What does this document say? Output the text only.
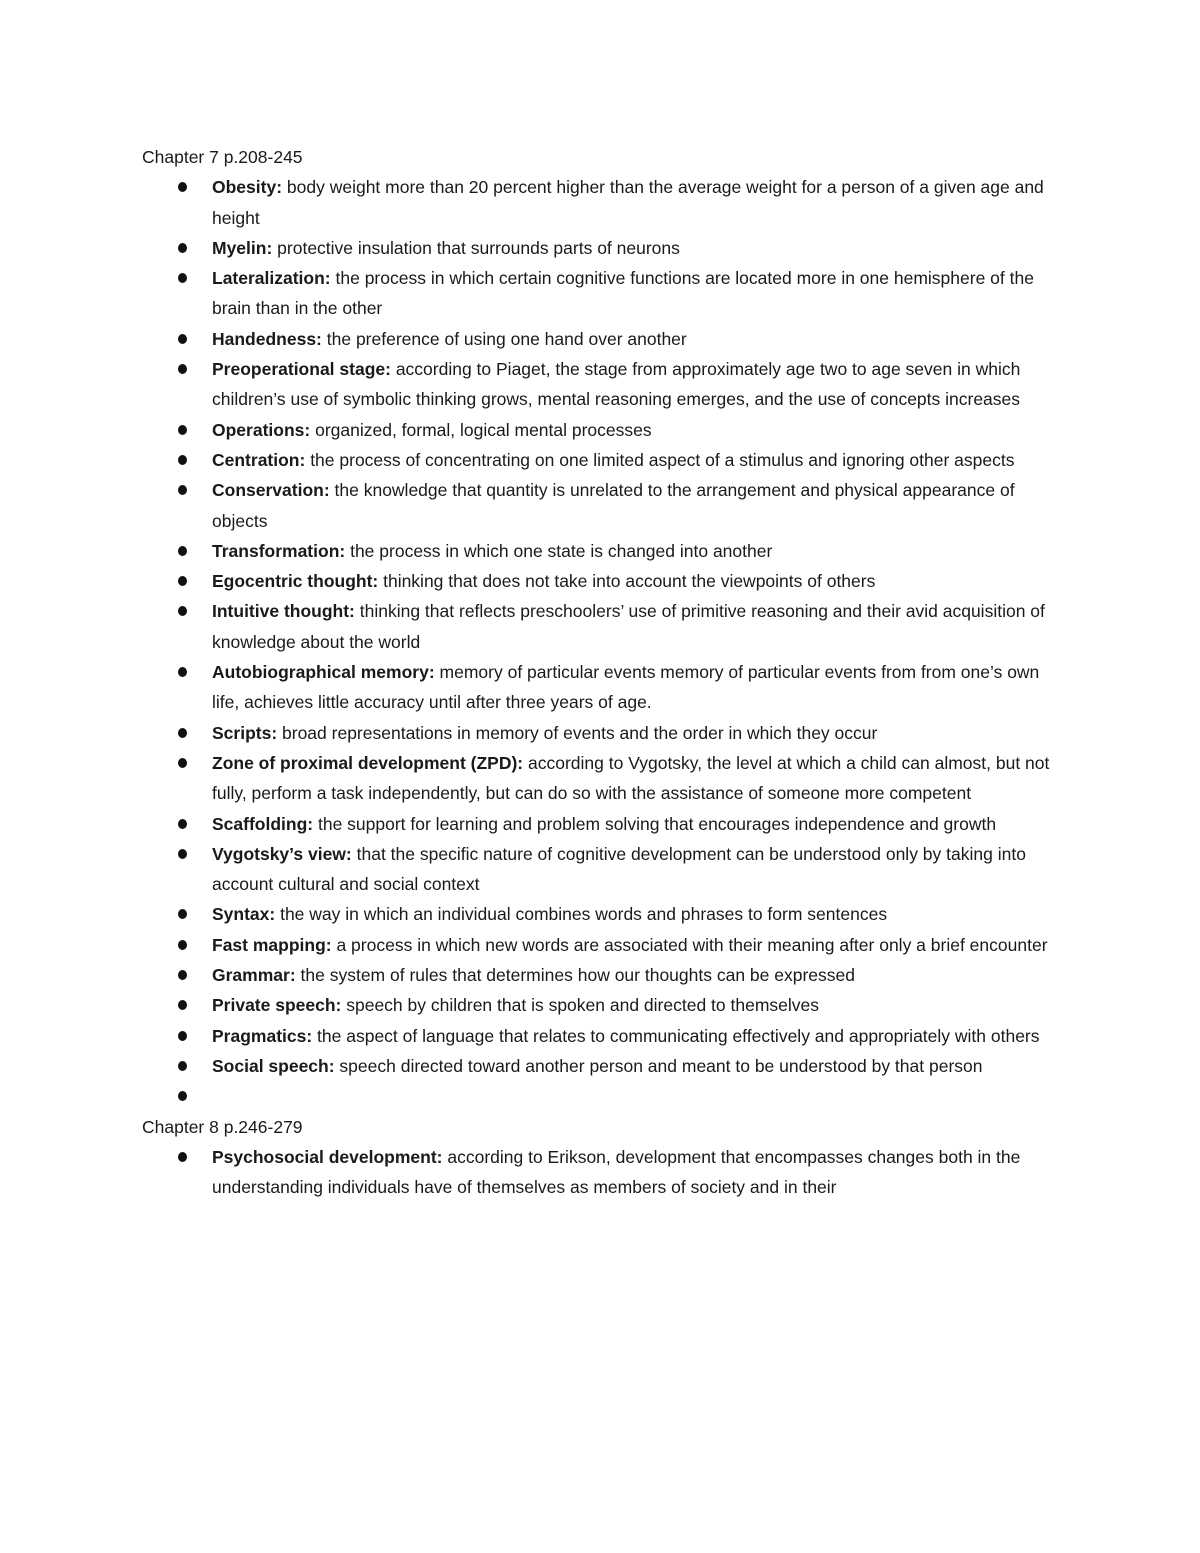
Chapter 7 p.208-245
Obesity: body weight more than 20 percent higher than the average weight for a person of a given age and height
Myelin: protective insulation that surrounds parts of neurons
Lateralization: the process in which certain cognitive functions are located more in one hemisphere of the brain than in the other
Handedness: the preference of using one hand over another
Preoperational stage: according to Piaget, the stage from approximately age two to age seven in which children’s use of symbolic thinking grows, mental reasoning emerges, and the use of concepts increases
Operations: organized, formal, logical mental processes
Centration: the process of concentrating on one limited aspect of a stimulus and ignoring other aspects
Conservation: the knowledge that quantity is unrelated to the arrangement and physical appearance of objects
Transformation: the process in which one state is changed into another
Egocentric thought: thinking that does not take into account the viewpoints of others
Intuitive thought: thinking that reflects preschoolers’ use of primitive reasoning and their avid acquisition of knowledge about the world
Autobiographical memory: memory of particular events memory of particular events from from one’s own life, achieves little accuracy until after three years of age.
Scripts: broad representations in memory of events and the order in which they occur
Zone of proximal development (ZPD): according to Vygotsky, the level at which a child can almost, but not fully, perform a task independently, but can do so with the assistance of someone more competent
Scaffolding: the support for learning and problem solving that encourages independence and growth
Vygotsky’s view: that the specific nature of cognitive development can be understood only by taking into account cultural and social context
Syntax: the way in which an individual combines words and phrases to form sentences
Fast mapping: a process in which new words are associated with their meaning after only a brief encounter
Grammar: the system of rules that determines how our thoughts can be expressed
Private speech: speech by children that is spoken and directed to themselves
Pragmatics: the aspect of language that relates to communicating effectively and appropriately with others
Social speech: speech directed toward another person and meant to be understood by that person
Chapter 8 p.246-279
Psychosocial development: according to Erikson, development that encompasses changes both in the understanding individuals have of themselves as members of society and in their
